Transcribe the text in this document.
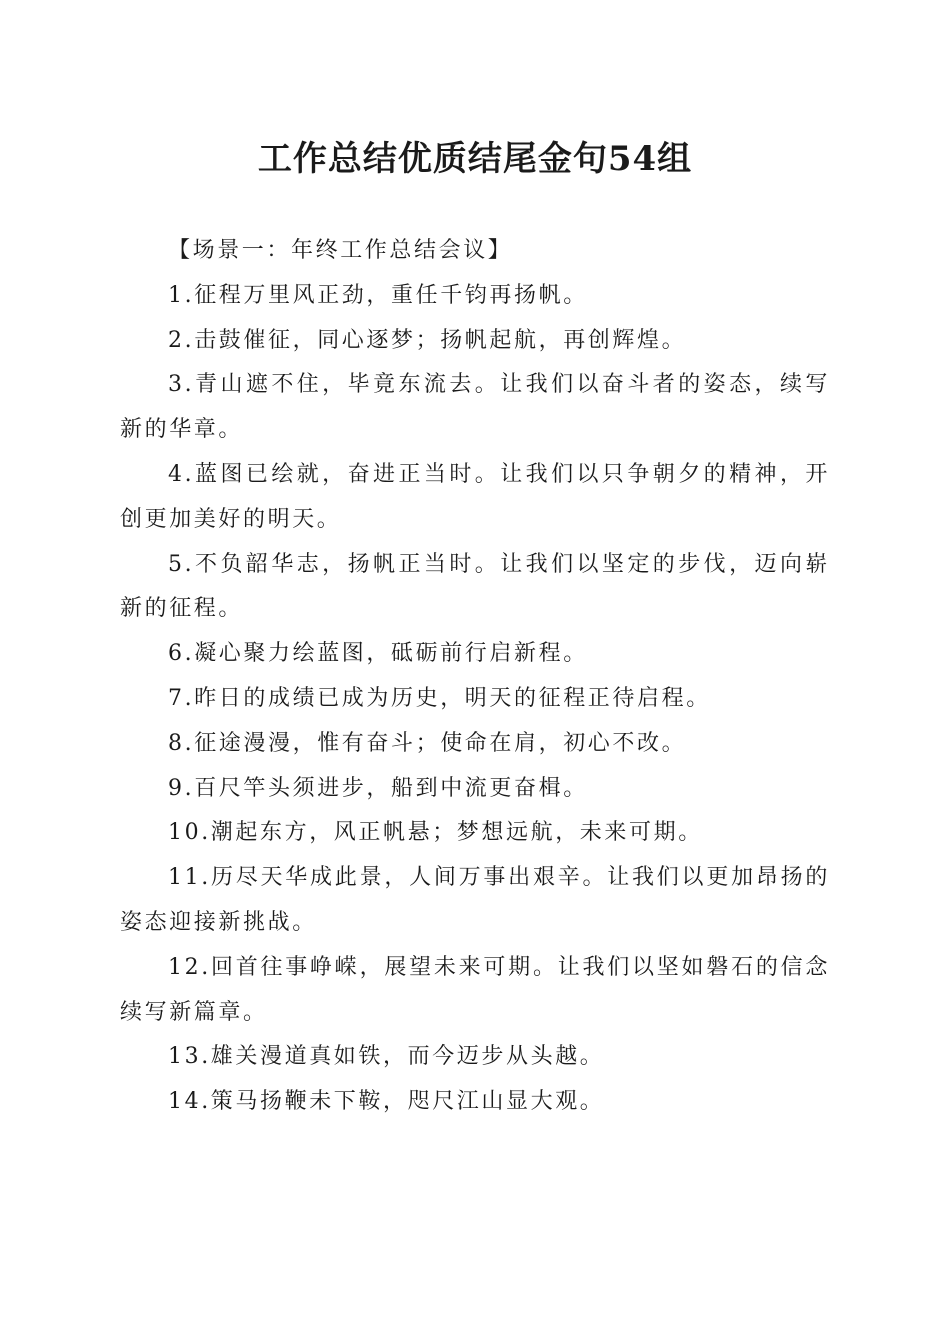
工作总结优质结尾金句54组

【场景一：年终工作总结会议】

1.征程万里风正劲，重任千钧再扬帆。

2.击鼓催征，同心逐梦；扬帆起航，再创辉煌。

3.青山遮不住，毕竟东流去。让我们以奋斗者的姿态，续写新的华章。

4.蓝图已绘就，奋进正当时。让我们以只争朝夕的精神，开创更加美好的明天。

5.不负韶华志，扬帆正当时。让我们以坚定的步伐，迈向崭新的征程。

6.凝心聚力绘蓝图，砥砺前行启新程。

7.昨日的成绩已成为历史，明天的征程正待启程。

8.征途漫漫，惟有奋斗；使命在肩，初心不改。

9.百尺竿头须进步，船到中流更奋楫。

10.潮起东方，风正帆悬；梦想远航，未来可期。

11.历尽天华成此景，人间万事出艰辛。让我们以更加昂扬的姿态迎接新挑战。

12.回首往事峥嵘，展望未来可期。让我们以坚如磐石的信念续写新篇章。

13.雄关漫道真如铁，而今迈步从头越。

14.策马扬鞭未下鞍，咫尺江山显大观。
